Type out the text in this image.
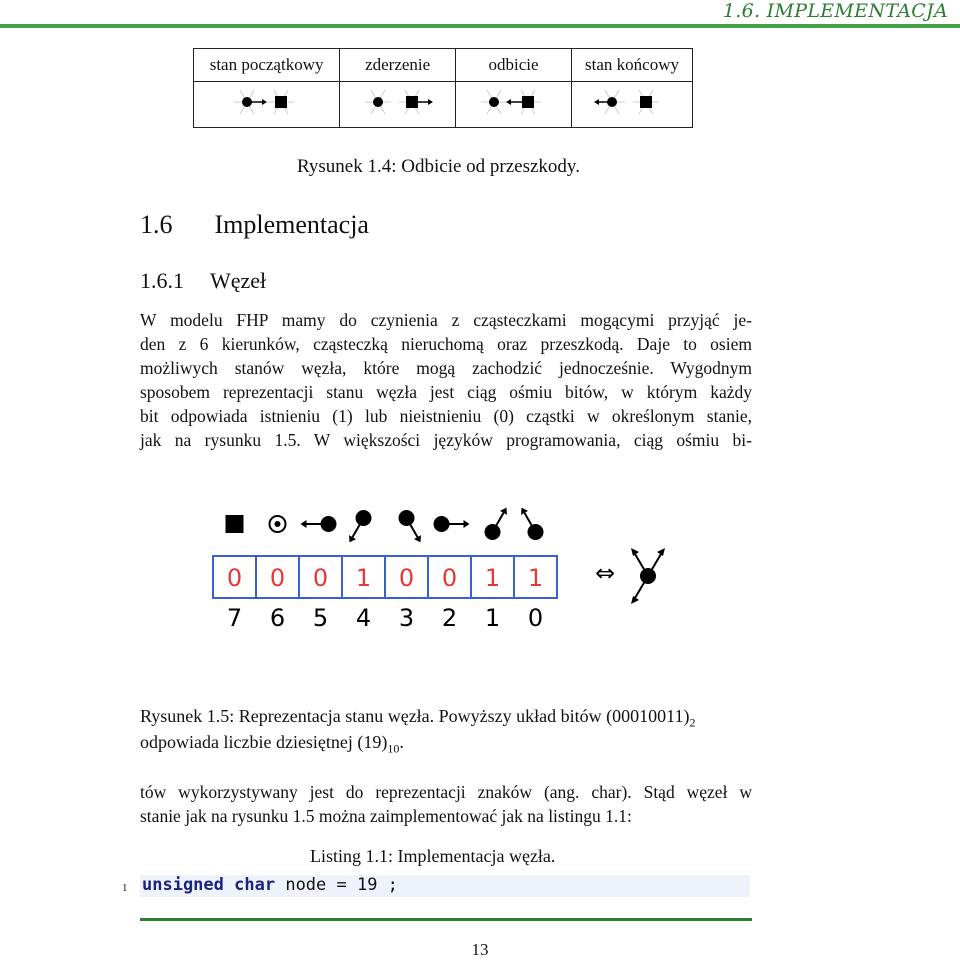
1.6. IMPLEMENTACJA
stan początkowy	zderzenie	odbicie	stan końcowy

Rysunek 1.4: Odbicie od przeszkody.
1.6 Implementacja
1.6.1 Węzeł
W modelu FHP mamy do czynienia z cząsteczkami mogącymi przyjąć je-
den z 6 kierunków, cząsteczką nieruchomą oraz przeszkodą. Daje to osiem
możliwych stanów węzła, które mogą zachodzić jednocześnie. Wygodnym
sposobem reprezentacji stanu węzła jest ciąg ośmiu bitów, w którym każdy
bit odpowiada istnieniu (1) lub nieistnieniu (0) cząstki w określonym stanie,
jak na rysunku 1.5. W większości języków programowania, ciąg ośmiu bi-
0 0 0 1 0 0 1 1
7 6 5 4 3 2 1 0
⇔
Rysunek 1.5: Reprezentacja stanu węzła. Powyższy układ bitów $(00010011)_2$
odpowiada liczbie dziesiętnej $(19)_{10}$.
tów wykorzystywany jest do reprezentacji znaków (ang. char). Stąd węzeł w
stanie jak na rysunku 1.5 można zaimplementować jak na listingu 1.1:
Listing 1.1: Implementacja węzła.
1 unsigned char node = 19 ;
13
